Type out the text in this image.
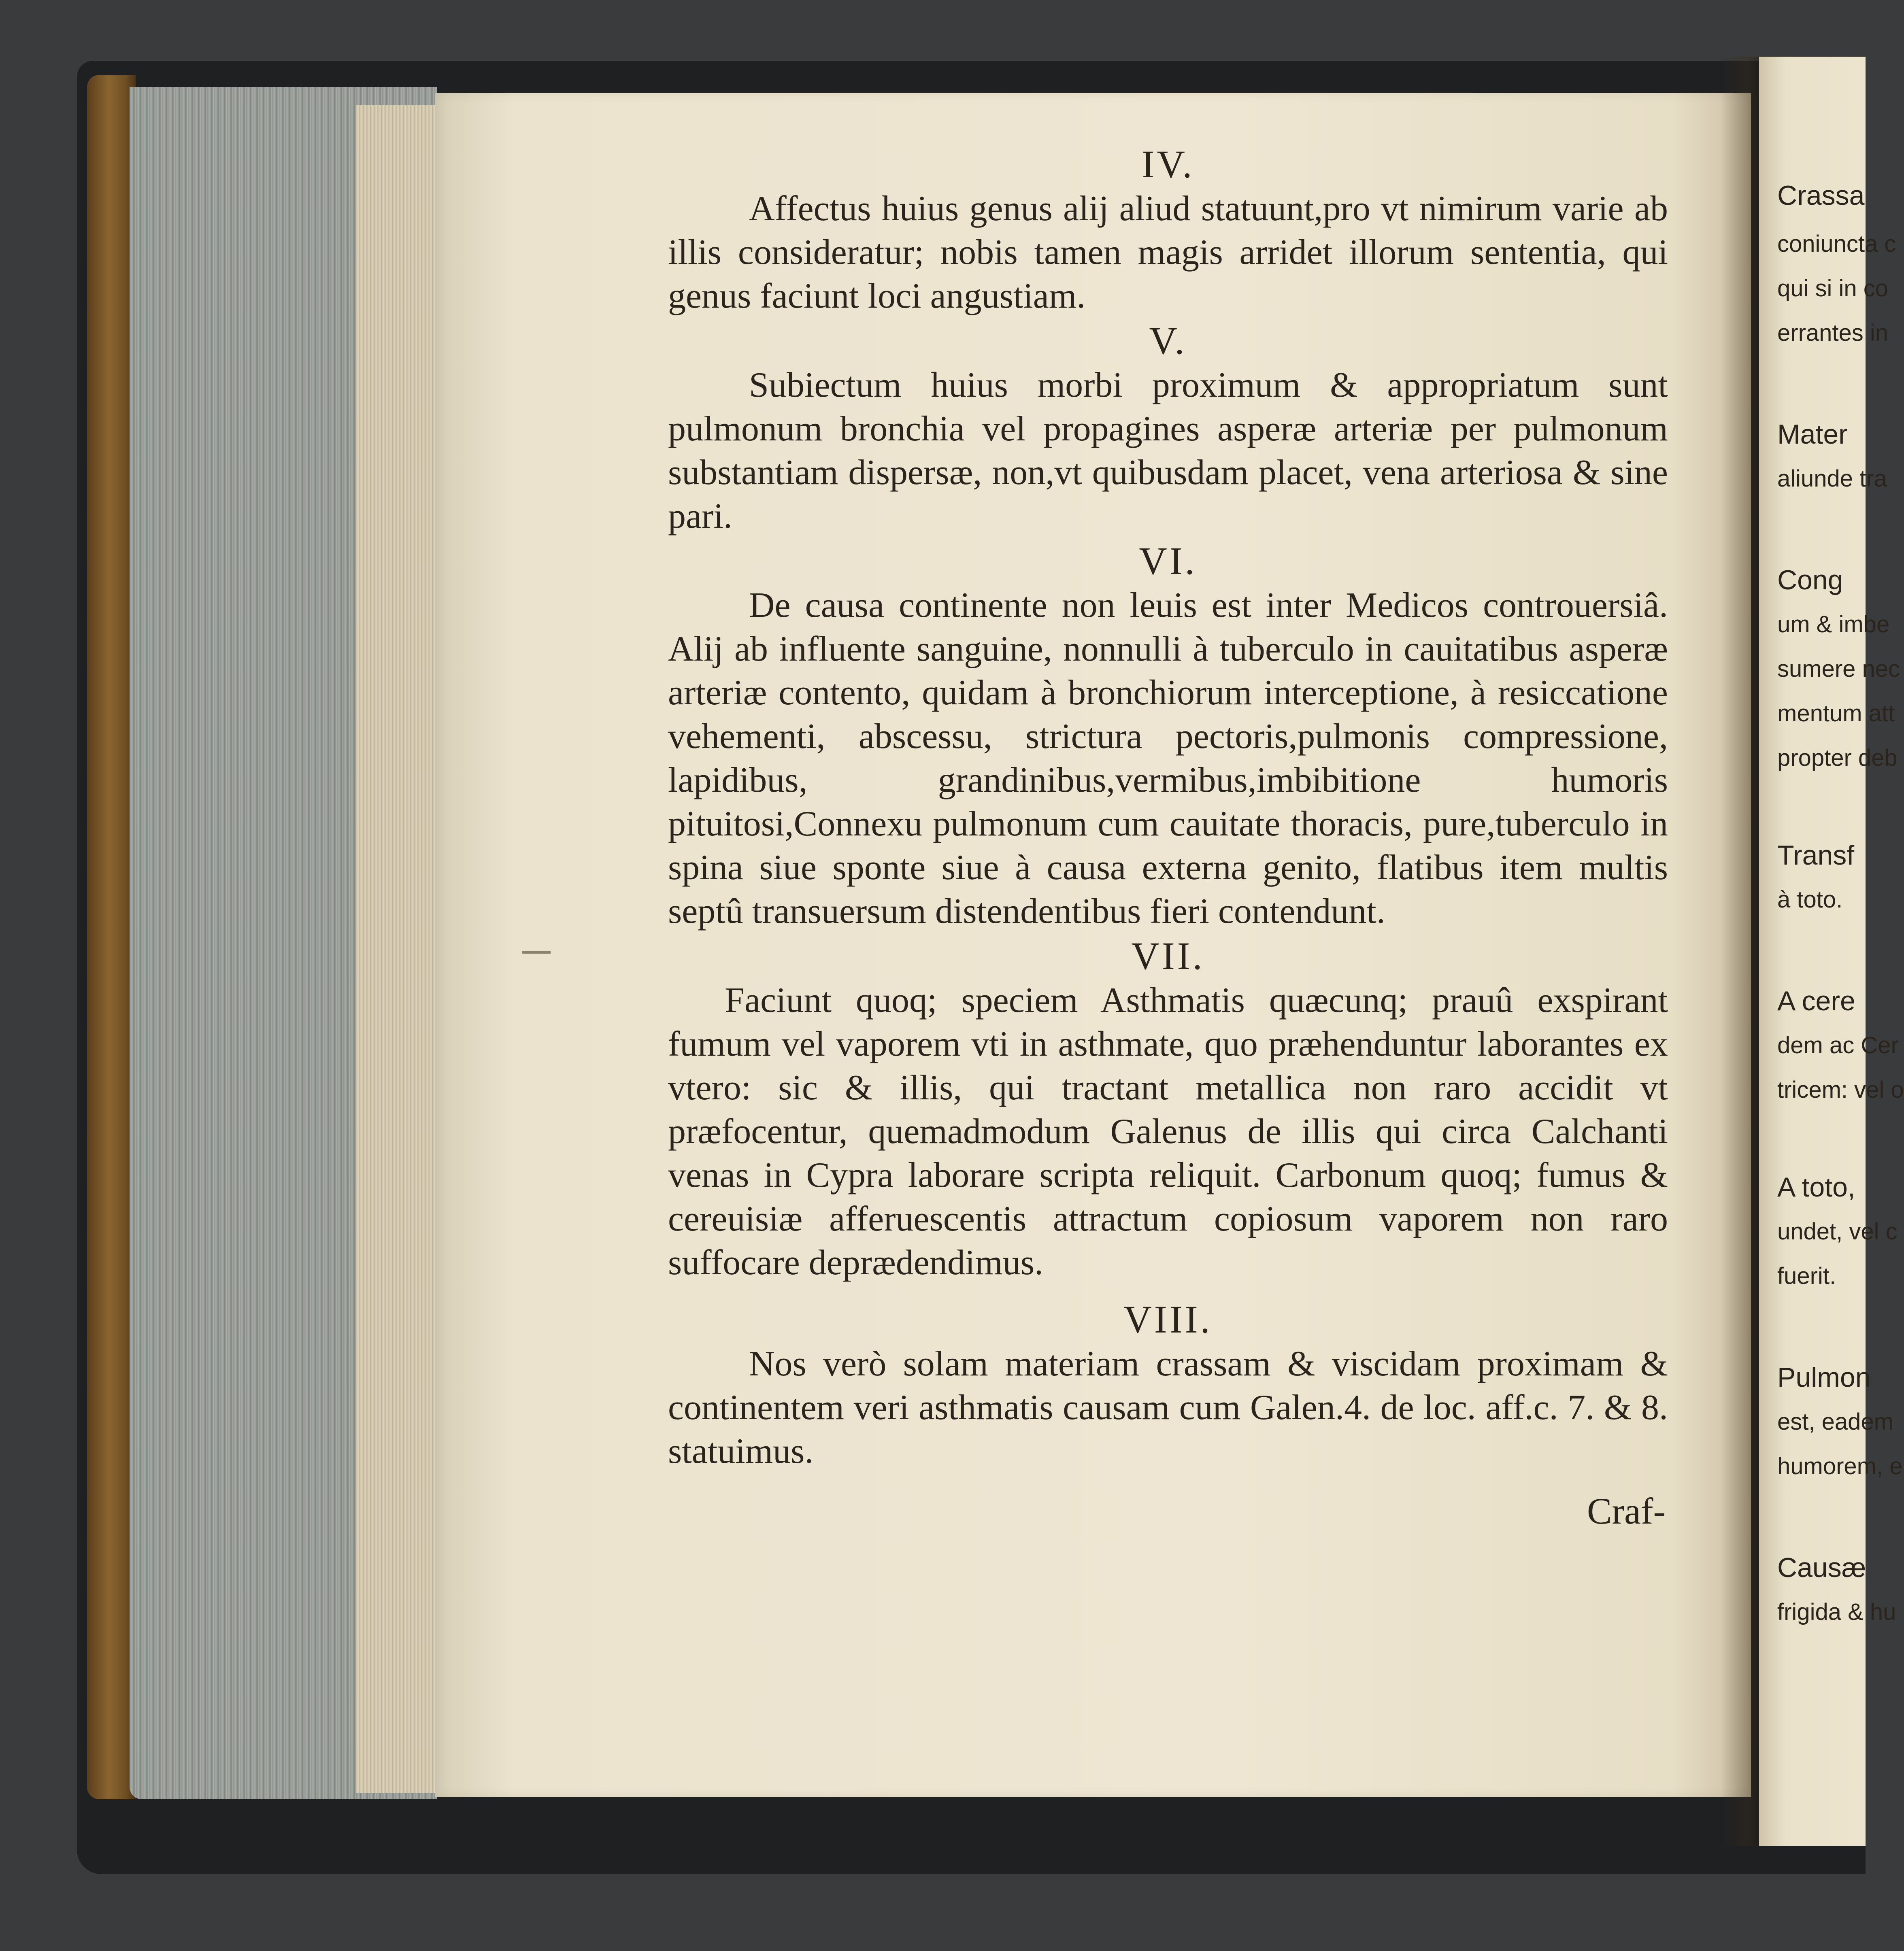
IV.

Affectus huius genus alij aliud statuunt,pro vt nimirum varie ab illis consideratur; nobis tamen magis arridet illorum sententia, qui genus faciunt loci angustiam.

V.

Subiectum huius morbi proximum & appropriatum sunt pulmonum bronchia vel propagines asperæ arteriæ per pulmonum substantiam dispersæ, non,vt quibusdam placet, vena arteriosa & sine pari.

VI.

De causa continente non leuis est inter Medicos controuersiâ. Alij ab influente sanguine, nonnulli à tuberculo in cauitatibus asperæ arteriæ contento, quidam à bronchiorum interceptione, à resiccatione vehementi, abscessu, strictura pectoris,pulmonis compressione, lapidibus, grandinibus,vermibus,imbibitione humoris pituitosi,Connexu pulmonum cum cauitate thoracis, pure,tuberculo in spina siue sponte siue à causa externa genito, flatibus item multis septû transuersum distendentibus fieri contendunt.

VII.

Faciunt quoq; speciem Asthmatis quæcunq; prauû exspirant fumum vel vaporem vti in asthmate, quo præhenduntur laborantes ex vtero: sic & illis, qui tractant metallica non raro accidit vt præfocentur, quemadmodum Galenus de illis qui circa Calchanti venas in Cypra laborare scripta reliquit. Carbonum quoq; fumus & cereuisiæ afferuescentis attractum copiosum vaporem non raro suffocare deprædendimus.

VIII.

Nos verò solam materiam crassam & viscidam proximam & continentem veri asthmatis causam cum Galen.4. de loc. aff.c. 7. & 8. statuimus.

Craf-
Crassa
coniuncta c
qui si in co
errantes in
Mater
aliunde tra
Cong
um & imbe
sumere nec
mentum att
propter deb
Transf
à toto.
A cere
dem ac Cer
tricem: vel o
A toto,
undet, vel c
fuerit.
Pulmon
est, eadem
humorem, e
Causæ
frigida & hu
